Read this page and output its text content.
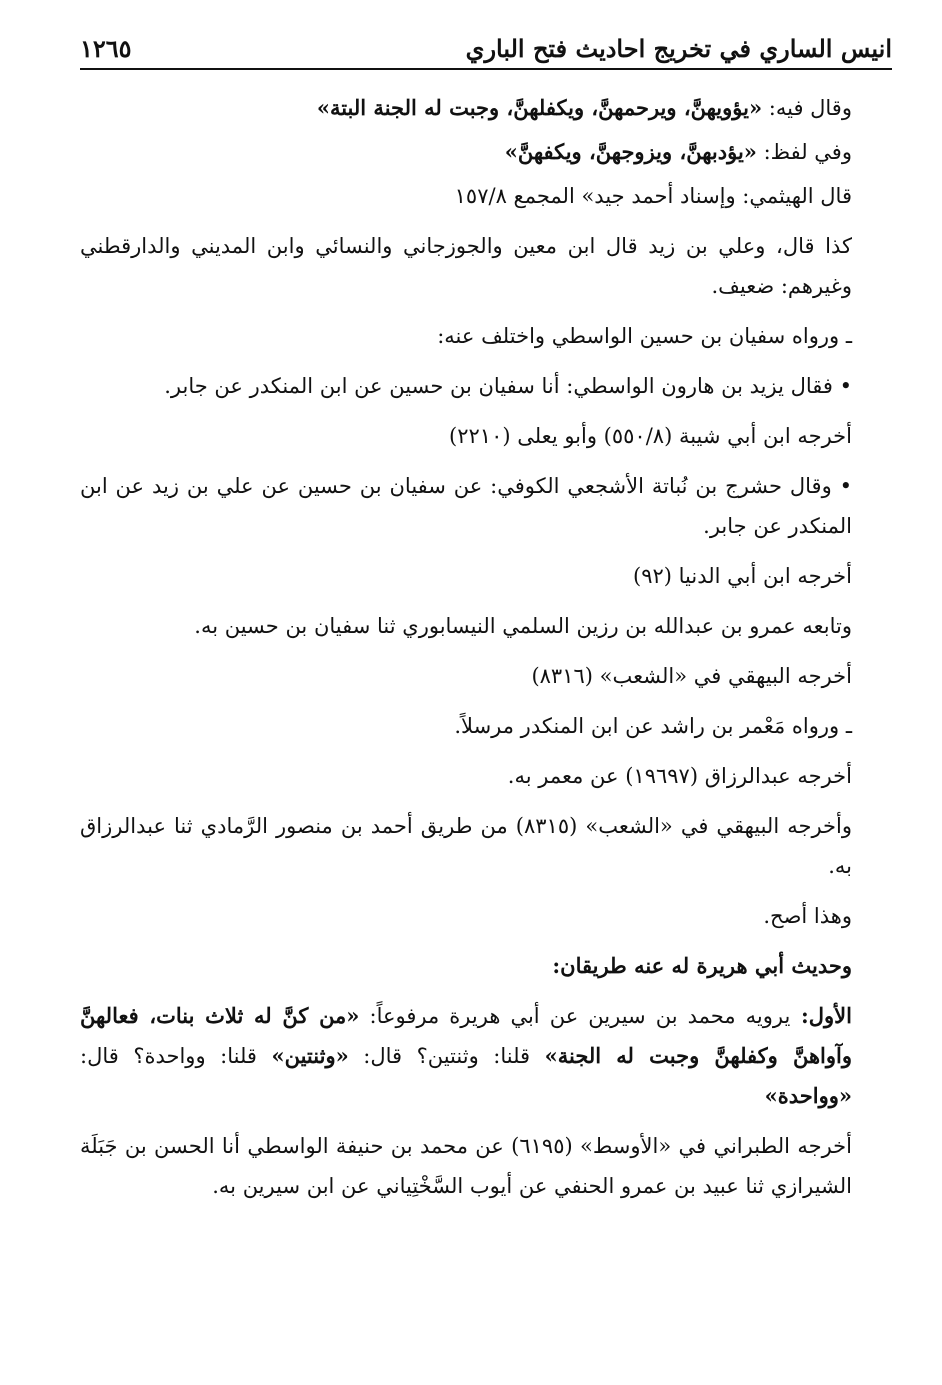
انيس الساري في تخريج احاديث فتح الباري
١٢٦٥

وقال فيه: «يؤويهنَّ، ويرحمهنَّ، ويكفلهنَّ، وجبت له الجنة البتة»

وفي لفظ: «يؤدبهنَّ، ويزوجهنَّ، ويكفهنَّ»

قال الهيثمي: وإسناد أحمد جيد» المجمع ١٥٧/٨

كذا قال، وعلي بن زيد قال ابن معين والجوزجاني والنسائي وابن المديني والدارقطني وغيرهم: ضعيف.

ـ ورواه سفيان بن حسين الواسطي واختلف عنه:

• فقال يزيد بن هارون الواسطي: أنا سفيان بن حسين عن ابن المنكدر عن جابر.

أخرجه ابن أبي شيبة (٥٥٠/٨) وأبو يعلى (٢٢١٠)

• وقال حشرج بن نُباتة الأشجعي الكوفي: عن سفيان بن حسين عن علي بن زيد عن ابن المنكدر عن جابر.

أخرجه ابن أبي الدنيا (٩٢)

وتابعه عمرو بن عبدالله بن رزين السلمي النيسابوري ثنا سفيان بن حسين به.

أخرجه البيهقي في «الشعب» (٨٣١٦)

ـ ورواه مَعْمر بن راشد عن ابن المنكدر مرسلاً.

أخرجه عبدالرزاق (١٩٦٩٧) عن معمر به.

وأخرجه البيهقي في «الشعب» (٨٣١٥) من طريق أحمد بن منصور الرَّمادي ثنا عبدالرزاق به.

وهذا أصح.

وحديث أبي هريرة له عنه طريقان:

الأول: يرويه محمد بن سيرين عن أبي هريرة مرفوعاً: «من كنَّ له ثلاث بنات، فعالهنَّ وآواهنَّ وكفلهنَّ وجبت له الجنة» قلنا: وثنتين؟ قال: «وثنتين» قلنا: وواحدة؟ قال: «وواحدة»

أخرجه الطبراني في «الأوسط» (٦١٩٥) عن محمد بن حنيفة الواسطي أنا الحسن بن جَبَلَة الشيرازي ثنا عبيد بن عمرو الحنفي عن أيوب السَّخْتِياني عن ابن سيرين به.
